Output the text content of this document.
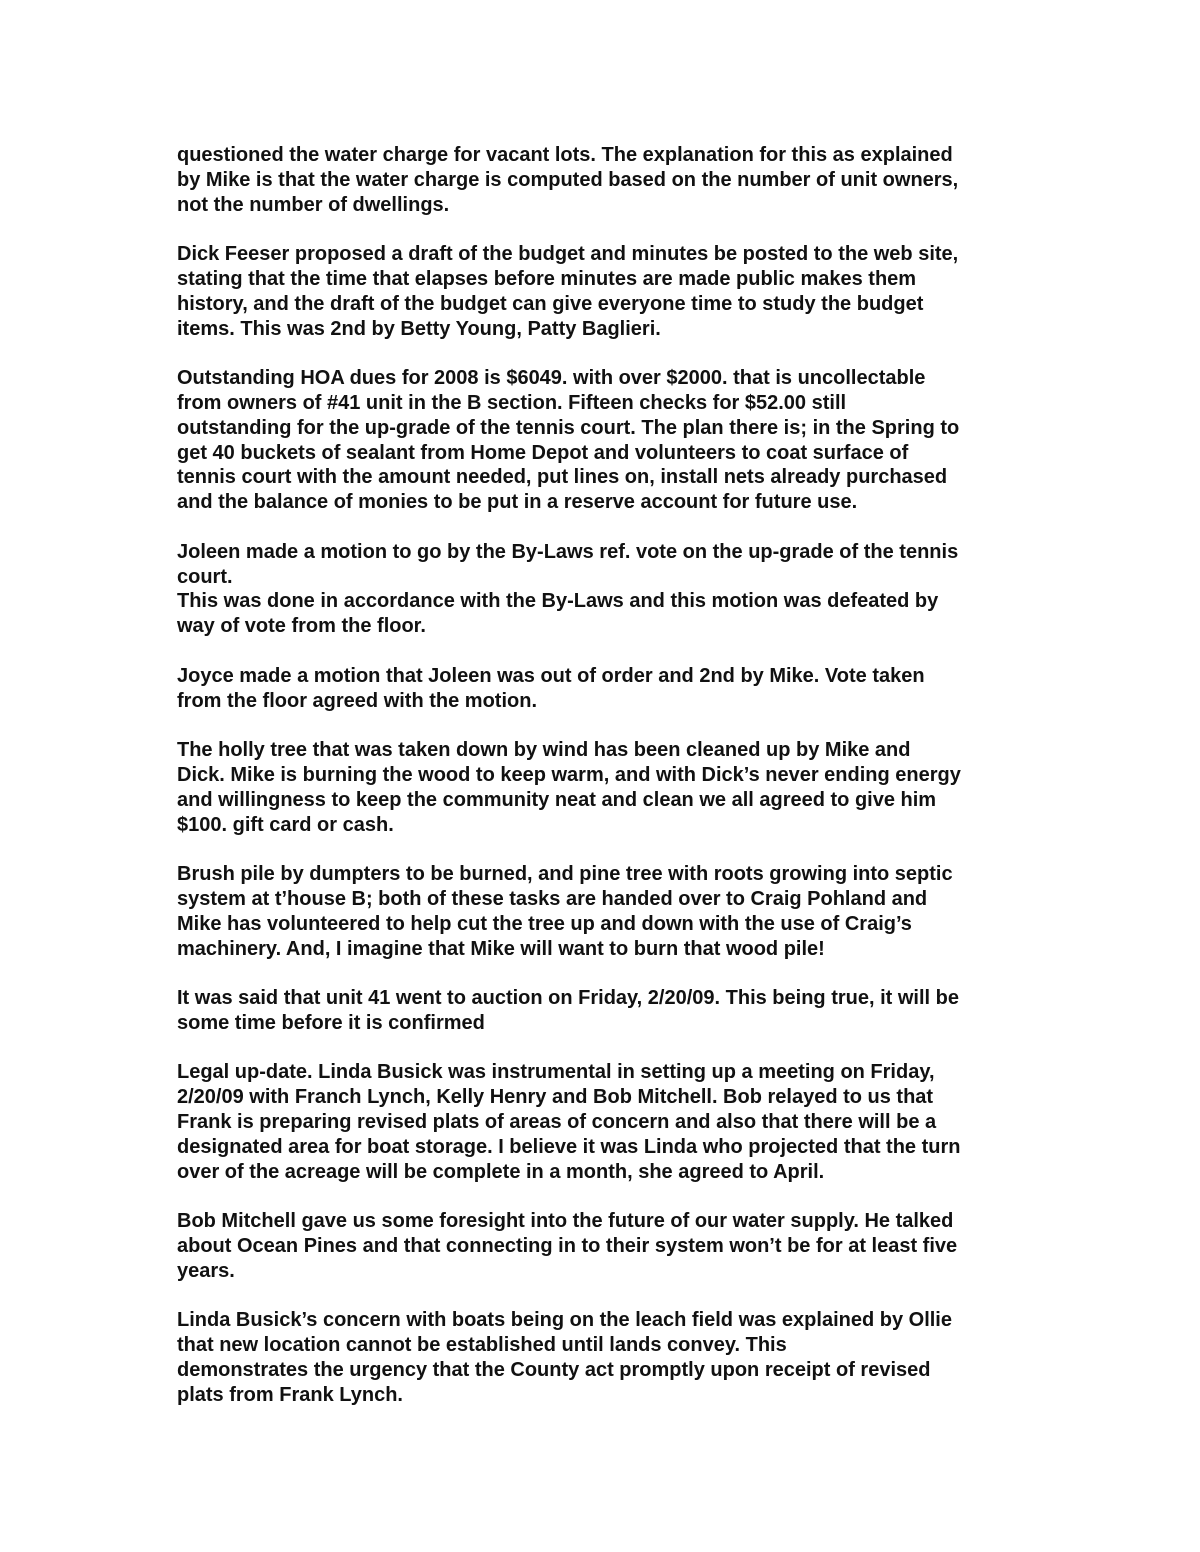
questioned the water charge for vacant lots. The explanation for this as explained
by Mike is that the water charge is computed based on the number of unit owners,
not the number of dwellings.

Dick Feeser proposed a draft of the budget and minutes be posted to the web site,
stating that the time that elapses before minutes are made public makes them
history, and the draft of the budget can give everyone time to study the budget
items. This was 2nd by Betty Young, Patty Baglieri.

Outstanding HOA dues for 2008 is $6049. with over $2000. that is uncollectable
from owners of #41 unit in the B section. Fifteen checks for $52.00 still
outstanding for the up-grade of the tennis court. The plan there is; in the Spring to
get 40 buckets of sealant from Home Depot and volunteers to coat surface of
tennis court with the amount needed, put lines on, install nets already purchased
and the balance of monies to be put in a reserve account for future use.

Joleen made a motion to go by the By-Laws ref. vote on the up-grade of the tennis
court.

This was done in accordance with the By-Laws and this motion was defeated by
way of vote from the floor.

Joyce made a motion that Joleen was out of order and 2nd by Mike. Vote taken
from the floor agreed with the motion.

The holly tree that was taken down by wind has been cleaned up by Mike and
Dick. Mike is burning the wood to keep warm, and with Dick’s never ending energy
and willingness to keep the community neat and clean we all agreed to give him
$100. gift card or cash.

Brush pile by dumpters to be burned, and pine tree with roots growing into septic
system at t’house B; both of these tasks are handed over to Craig Pohland and
Mike has volunteered to help cut the tree up and down with the use of Craig’s
machinery. And, I imagine that Mike will want to burn that wood pile!

It was said that unit 41 went to auction on Friday, 2/20/09. This being true, it will be
some time before it is confirmed

Legal up-date. Linda Busick was instrumental in setting up a meeting on Friday,
2/20/09 with Franch Lynch, Kelly Henry and Bob Mitchell. Bob relayed to us that
Frank is preparing revised plats of areas of concern and also that there will be a
designated area for boat storage. I believe it was Linda who projected that the turn
over of the acreage will be complete in a month, she agreed to April.

Bob Mitchell gave us some foresight into the future of our water supply. He talked
about Ocean Pines and that connecting in to their system won’t be for at least five
years.

Linda Busick’s concern with boats being on the leach field was explained by Ollie
that new location cannot be established until lands convey. This
demonstrates the urgency that the County act promptly upon receipt of revised
plats from Frank Lynch.
